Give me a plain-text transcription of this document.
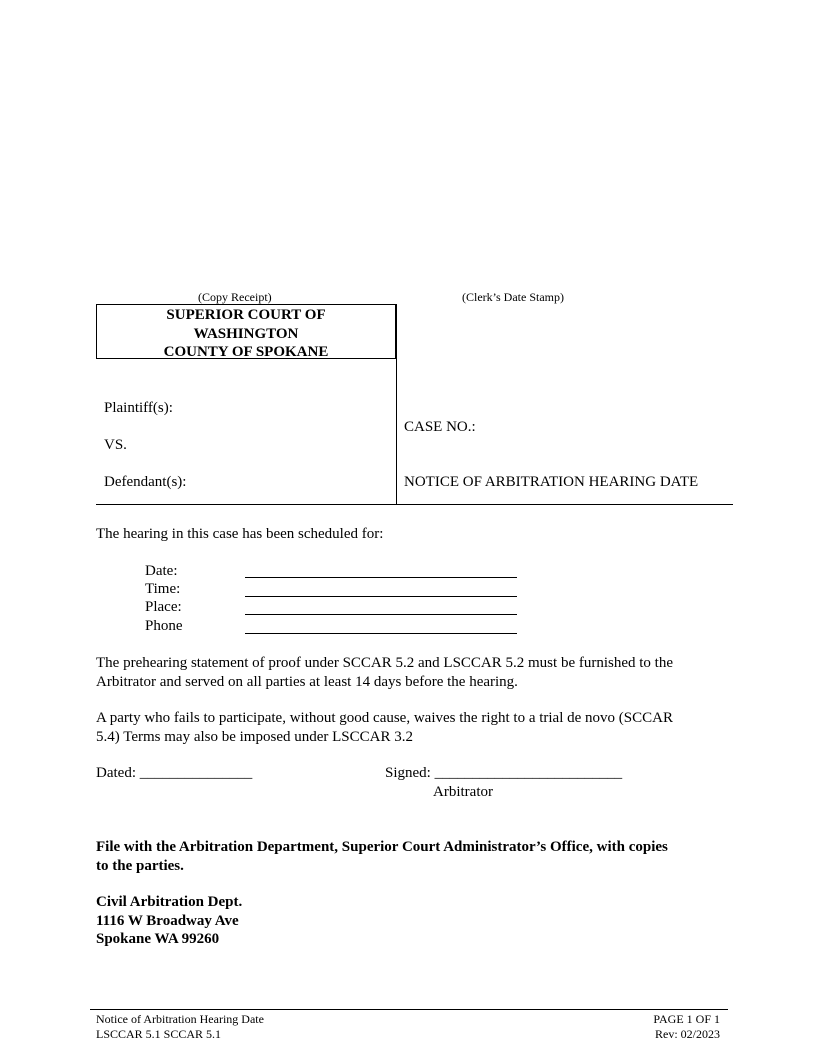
(Copy Receipt)	(Clerk’s Date Stamp)
SUPERIOR COURT OF
WASHINGTON
COUNTY OF SPOKANE
Plaintiff(s):
VS.
Defendant(s):
CASE NO.:
NOTICE OF ARBITRATION HEARING DATE
The hearing in this case has been scheduled for:
Date:
Time:
Place:
Phone
The prehearing statement of proof under SCCAR 5.2 and LSCCAR 5.2 must be furnished to the
Arbitrator and served on all parties at least 14 days before the hearing.
A party who fails to participate, without good cause, waives the right to a trial de novo (SCCAR
5.4) Terms may also be imposed under LSCCAR 3.2
Dated: _______________	Signed: _________________________
Arbitrator
File with the Arbitration Department, Superior Court Administrator’s Office, with copies
to the parties.
Civil Arbitration Dept.
1116 W Broadway Ave
Spokane WA 99260
Notice of Arbitration Hearing Date
LSCCAR 5.1 SCCAR 5.1
PAGE 1 OF 1
Rev: 02/2023
